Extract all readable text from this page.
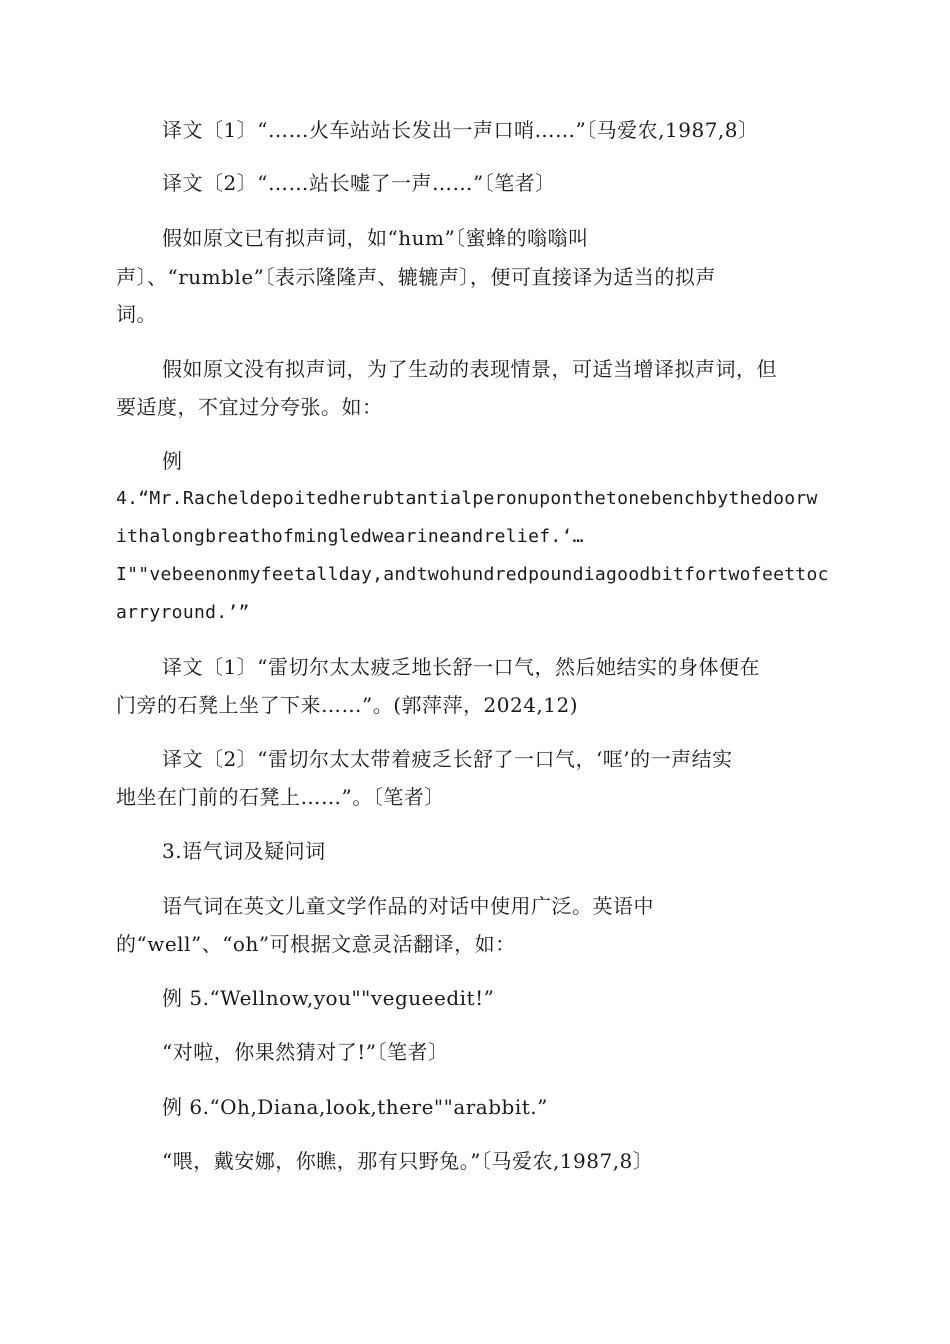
译文〔1〕“……火车站站长发出一声口哨……”〔马爱农,1987,8〕
译文〔2〕“……站长嘘了一声……”〔笔者〕
假如原文已有拟声词，如“hum”〔蜜蜂的嗡嗡叫
声〕、“rumble”〔表示隆隆声、辘辘声〕，便可直接译为适当的拟声
词。
假如原文没有拟声词，为了生动的表现情景，可适当增译拟声词，但
要适度，不宜过分夸张。如：
例
4.“Mr.Racheldepoitedherubtantialperonuponthetonebenchbythedoorw
ithalongbreathofmingledwearineandrelief.‘…
I""vebeenonmyfeetallday,andtwohundredpoundiagoodbitfortwofeettoc
arryround.’”
译文〔1〕“雷切尔太太疲乏地长舒一口气，然后她结实的身体便在
门旁的石凳上坐了下来……”。(郭萍萍，2024,12)
译文〔2〕“雷切尔太太带着疲乏长舒了一口气，‘哐’的一声结实
地坐在门前的石凳上……”。〔笔者〕
3.语气词及疑问词
语气词在英文儿童文学作品的对话中使用广泛。英语中
的“well”、“oh”可根据文意灵活翻译，如：
例 5.“Wellnow,you""vegueedit!”
“对啦，你果然猜对了!”〔笔者〕
例 6.“Oh,Diana,look,there""arabbit.”
“喂，戴安娜，你瞧，那有只野兔。”〔马爱农,1987,8〕
